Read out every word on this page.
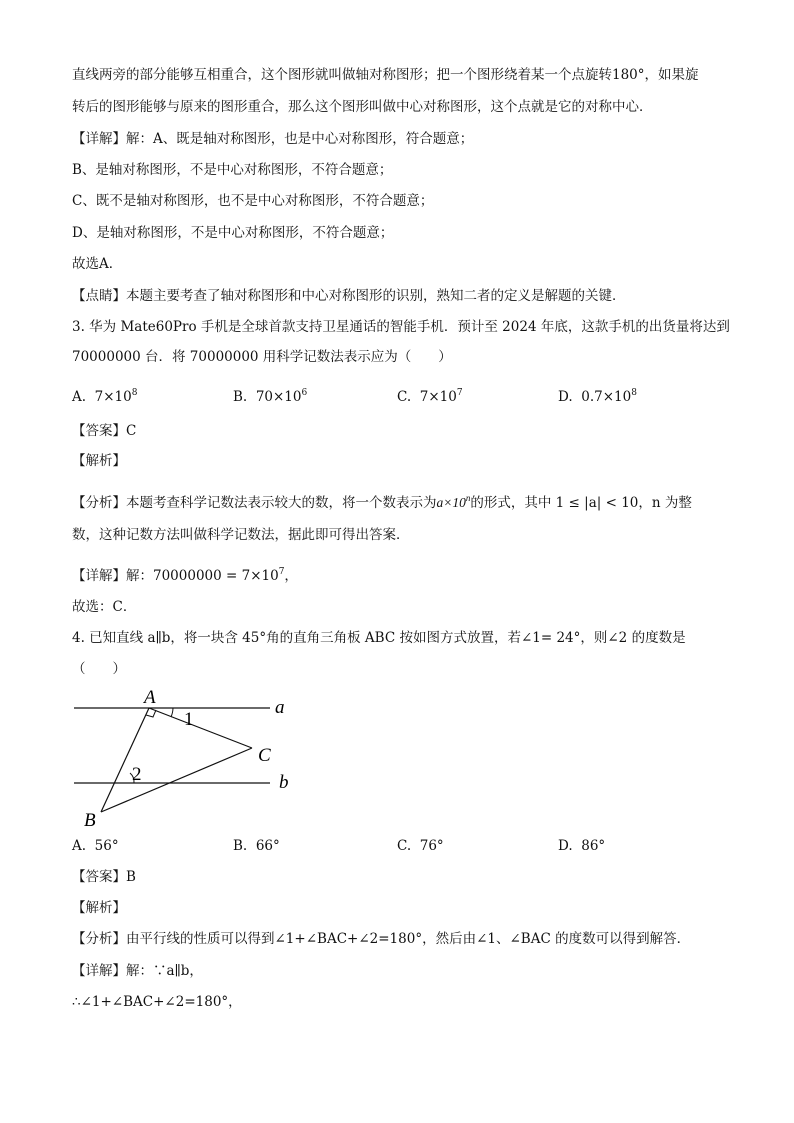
直线两旁的部分能够互相重合，这个图形就叫做轴对称图形；把一个图形绕着某一个点旋转180°，如果旋
转后的图形能够与原来的图形重合，那么这个图形叫做中心对称图形，这个点就是它的对称中心．
【详解】解：A、既是轴对称图形，也是中心对称图形，符合题意；
B、是轴对称图形，不是中心对称图形，不符合题意；
C、既不是轴对称图形，也不是中心对称图形，不符合题意；
D、是轴对称图形，不是中心对称图形，不符合题意；
故选A．
【点睛】本题主要考查了轴对称图形和中心对称图形的识别，熟知二者的定义是解题的关键．
3. 华为 Mate60Pro 手机是全球首款支持卫星通话的智能手机．预计至 2024 年底，这款手机的出货量将达到
70000000 台．将 70000000 用科学记数法表示应为（　　）
A. $7\times 10^8$	B. $70\times 10^6$	C. $7\times 10^7$	D. $0.7\times 10^8$
【答案】C
【解析】
【分析】本题考查科学记数法表示较大的数，将一个数表示为$a\times 10^n$的形式，其中 1 ≤ |a| < 10，n 为整
数，这种记数方法叫做科学记数法，据此即可得出答案．
【详解】解：$70000000 = 7\times 10^7$，
故选：C．
4. 已知直线 a∥b，将一块含 45°角的直角三角板 ABC 按如图方式放置，若∠1= 24°，则∠2 的度数是
（　　）
A
B
C
a
b
1
2
A. 56°	B. 66°	C. 76°	D. 86°
【答案】B
【解析】
【分析】由平行线的性质可以得到∠1+∠BAC+∠2=180°，然后由∠1、∠BAC 的度数可以得到解答．
【详解】解：∵a∥b，
∴∠1+∠BAC+∠2=180°，
